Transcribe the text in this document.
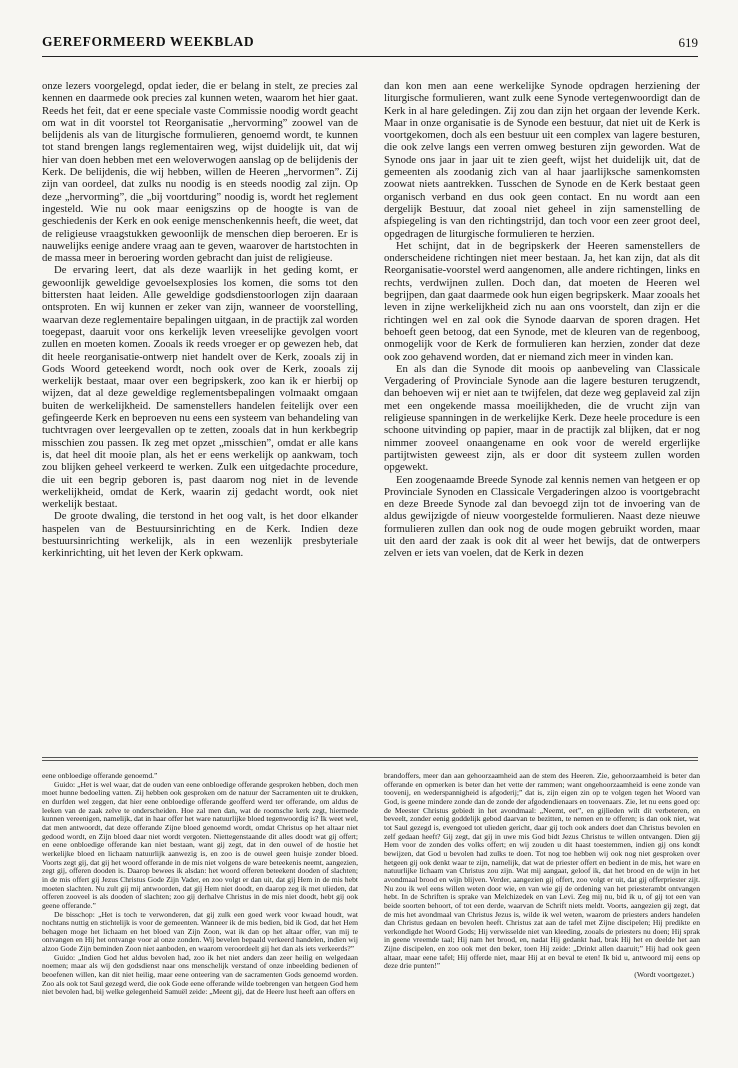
GEREFORMEERD WEEKBLAD	619

onze lezers voorgelegd, opdat ieder, die er belang in stelt, ze precies zal kennen en daarmede ook precies zal kunnen weten, waarom het hier gaat. Reeds het feit, dat er eene speciale vaste Commissie noodig wordt geacht om wat in dit voorstel tot Reorganisatie „hervorming” zoowel van de belijdenis als van de liturgische formulieren, genoemd wordt, te kunnen tot stand brengen langs reglementairen weg, wijst duidelijk uit, dat wij hier van doen hebben met een weloverwogen aanslag op de belijdenis der Kerk. De belijdenis, die wij hebben, willen de Heeren „hervormen”. Zij zijn van oordeel, dat zulks nu noodig is en steeds noodig zal zijn. Op deze „hervorming”, die „bij voortduring” noodig is, wordt het reglement ingesteld. Wie nu ook maar eenigszins op de hoogte is van de geschiedenis der Kerk en ook eenige menschenkennis heeft, die weet, dat de religieuse vraagstukken gewoonlijk de menschen diep beroeren. Er is nauwelijks eenige andere vraag aan te geven, waarover de hartstochten in de massa meer in beroering worden gebracht dan juist de religieuse.

De ervaring leert, dat als deze waarlijk in het geding komt, er gewoonlijk geweldige gevoelsexplosies los komen, die soms tot den bittersten haat leiden. Alle geweldige godsdienstoorlogen zijn daaraan ontsproten. En wij kunnen er zeker van zijn, wanneer de voorstelling, waarvan deze reglementaire bepalingen uitgaan, in de practijk zal worden toegepast, daaruit voor ons kerkelijk leven vreeselijke gevolgen voort zullen en moeten komen. Zooals ik reeds vroeger er op gewezen heb, dat dit heele reorganisatie-ontwerp niet handelt over de Kerk, zooals zij in Gods Woord geteekend wordt, noch ook over de Kerk, zooals zij werkelijk bestaat, maar over een begripskerk, zoo kan ik er hierbij op wijzen, dat al deze geweldige reglementsbepalingen volmaakt omgaan buiten de werkelijkheid. De samenstellers handelen feitelijk over een gefingeerde Kerk en beproeven nu eens een systeem van behandeling van tuchtvragen over leergevallen op te zetten, zooals dat in hun kerkbegrip misschien zou passen. Ik zeg met opzet „misschien”, omdat er alle kans is, dat heel dit mooie plan, als het er eens werkelijk op aankwam, toch zou blijken geheel verkeerd te werken. Zulk een uitgedachte procedure, die uit een begrip geboren is, past daarom nog niet in de levende werkelijkheid, omdat de Kerk, waarin zij gedacht wordt, ook niet werkelijk bestaat.

De groote dwaling, die terstond in het oog valt, is het door elkander haspelen van de Bestuursinrichting en de Kerk. Indien deze bestuursinrichting werkelijk, als in een wezenlijk presbyteriale kerkinrichting, uit het leven der Kerk opkwam.

dan kon men aan eene werkelijke Synode opdragen herziening der liturgische formulieren, want zulk eene Synode vertegenwoordigt dan de Kerk in al hare geledingen. Zij zou dan zijn het orgaan der levende Kerk. Maar in onze organisatie is de Synode een bestuur, dat niet uit de Kerk is voortgekomen, doch als een bestuur uit een complex van lagere besturen, die ook zelve langs een verren omweg besturen zijn geworden. Wat de Synode ons jaar in jaar uit te zien geeft, wijst het duidelijk uit, dat de gemeenten als zoodanig zich van al haar jaarlijksche samenkomsten zoowat niets aantrekken. Tusschen de Synode en de Kerk bestaat geen organisch verband en dus ook geen contact. En nu wordt aan een dergelijk Bestuur, dat zooal niet geheel in zijn samenstelling de afspiegeling is van den richtingstrijd, dan toch voor een zeer groot deel, opgedragen de liturgische formulieren te herzien.

Het schijnt, dat in de begripskerk der Heeren samenstellers de onderscheidene richtingen niet meer bestaan. Ja, het kan zijn, dat als dit Reorganisatie-voorstel werd aangenomen, alle andere richtingen, links en rechts, verdwijnen zullen. Doch dan, dat moeten de Heeren wel begrijpen, dan gaat daarmede ook hun eigen begripskerk. Maar zooals het leven in zijne werkelijkheid zich nu aan ons voorstelt, dan zijn er die richtingen wel en zal ook die Synode daarvan de sporen dragen. Het behoeft geen betoog, dat een Synode, met de kleuren van de regenboog, onmogelijk voor de Kerk de formulieren kan herzien, zonder dat deze ook zoo gehavend worden, dat er niemand zich meer in vinden kan.

En als dan die Synode dit moois op aanbeveling van Classicale Vergadering of Provinciale Synode aan die lagere besturen terugzendt, dan behoeven wij er niet aan te twijfelen, dat deze weg geplaveid zal zijn met een ongekende massa moeilijkheden, die de vrucht zijn van religieuse spanningen in de werkelijke Kerk. Deze heele procedure is een schoone uitvinding op papier, maar in de practijk zal blijken, dat er nog nimmer zooveel onaangename en ook voor de wereld ergerlijke partijtwisten geweest zijn, als er door dit systeem zullen worden opgewekt.

Een zoogenaamde Breede Synode zal kennis nemen van hetgeen er op Provinciale Synoden en Classicale Vergaderingen alzoo is voortgebracht en deze Breede Synode zal dan bevoegd zijn tot de invoering van de aldus gewijzigde of nieuw voorgestelde formulieren. Naast deze nieuwe formulieren zullen dan ook nog de oude mogen gebruikt worden, maar uit den aard der zaak is ook dit al weer het bewijs, dat de ontwerpers zelven er iets van voelen, dat de Kerk in dezen

eene onbloedige offerande genoemd.”

Guido: „Het is wel waar, dat de ouden van eene onbloedige offerande gesproken hebben, doch men moet hunne bedoeling vatten. Zij hebben ook gesproken om de natuur der Sacramenten uit te drukken, en durfden wel zeggen, dat hier eene onbloedige offerande geofferd werd ter offerande, om aldus de leeken van de zaak zelve te onderscheiden. Hoe zal men dan, wat de roomsche kerk zegt, hiermede kunnen vereenigen, namelijk, dat in haar offer het ware natuurlijke bloed tegenwoordig is? Ik weet wel, dat men antwoordt, dat deze offerande Zijne bloed genoemd wordt, omdat Christus op het altaar niet gedood wordt, en Zijn bloed daar niet wordt vergoten. Niettegenstaande dit alles doodt wat gij offert; en eene onbloedige offerande kan niet bestaan, want gij zegt, dat in den ouwel of de hostie het werkelijke bloed en lichaam natuurlijk aanwezig is, en zoo is de ouwel geen huisje zonder bloed. Voorts zegt gij, dat gij het woord offerande in de mis niet volgens de ware beteekenis neemt, aangezien, zegt gij, offeren dooden is. Daarop bewees ik alsdan: het woord offeren beteekent dooden of slachten; in de mis offert gij Jezus Christus Gode Zijn Vader, en zoo volgt er dan uit, dat gij Hem in de mis hebt moeten slachten. Nu zult gij mij antwoorden, dat gij Hem niet doodt, en daarop zeg ik met ulieden, dat offeren zooveel is als dooden of slachten; zoo gij derhalve Christus in de mis niet doodt, hebt gij ook geene offerande.”

De bisschop: „Het is toch te verwonderen, dat gij zulk een goed werk voor kwaad houdt, wat nochtans nuttig en stichtelijk is voor de gemeenten. Wanneer ik de mis bedien, bid ik God, dat het Hem behagen moge het lichaam en het bloed van Zijn Zoon, wat ik dan op het altaar offer, van mij te ontvangen en Hij het ontvange voor al onze zonden. Wij bevelen bepaald verkeerd handelen, indien wij alzoo Gode Zijn beminden Zoon niet aanboden, en waarom veroordeelt gij het dan als iets verkeerds?”

Guido: „Indien God het aldus bevolen had, zoo ik het niet anders dan zeer heilig en welgedaan noemen; maar als wij den godsdienst naar ons menschelijk verstand of onze inbeelding bedienen of beoefenen willen, kan dit niet heilig, maar eene onteering van de sacramenten Gods genoemd worden. Zoo als ook tot Saul gezegd werd, die ook Gode eene offerande wilde toebrengen van hetgeen God hem niet bevolen had, bij welke gelegenheid Samuël zeide: „Meent gij, dat de Heere lust heeft aan offers en

brandoffers, meer dan aan gehoorzaamheid aan de stem des Heeren. Zie, gehoorzaamheid is beter dan offerande en opmerken is beter dan het vette der rammen; want ongehoorzaamheid is eene zonde van toovenij, en wederspannigheid is afgoderij;” dat is, zijn eigen zin op te volgen tegen het Woord van God, is geene mindere zonde dan de zonde der afgodendienaars en toovenaars. Zie, let nu eens goed op: de Meester Christus gebiedt in het avondmaal: „Neemt, eet”, en gijlieden wilt dit verbeteren, en beveelt, zonder eenig goddelijk gebod daarvan te bezitten, te nemen en te offeren; is dan ook niet, wat tot Saul gezegd is, evengoed tot ulieden gericht, daar gij toch ook anders doet dan Christus bevolen en zelf gedaan heeft? Gij zegt, dat gij in uwe mis God bidt Jezus Christus te willen ontvangen. Dien gij Hem voor de zonden des volks offert; en wij zouden u dit haast toestemmen, indien gij ons kondt bewijzen, dat God u bevolen had zulks te doen. Tot nog toe hebben wij ook nog niet gesproken over hetgeen gij ook denkt waar te zijn, namelijk, dat wat de priester offert en bedient in de mis, het ware en natuurlijke lichaam van Christus zou zijn. Wat mij aangaat, geloof ik, dat het brood en de wijn in het avondmaal brood en wijn blijven. Verder, aangezien gij offert, zoo volgt er uit, dat gij offerpriester zijt. Nu zou ik wel eens willen weten door wie, en van wie gij de ordening van het priesterambt ontvangen hebt. In de Schriften is sprake van Melchizedek en van Levi. Zeg mij nu, bid ik u, of gij tot een van beide soorten behoort, of tot een derde, waarvan de Schrift niets meldt. Voorts, aangezien gij zegt, dat de mis het avondmaal van Christus Jezus is, wilde ik wel weten, waarom de priesters anders handelen dan Christus gedaan en bevolen heeft. Christus zat aan de tafel met Zijne discipelen; Hij predikte en verkondigde het Woord Gods; Hij verwisselde niet van kleeding, zooals de priesters nu doen; Hij sprak in geene vreemde taal; Hij nam het brood, en, nadat Hij gedankt had, brak Hij het en deelde het aan Zijne discipelen, en zoo ook met den beker, toen Hij zeide: „Drinkt allen daaruit;” Hij had ook geen altaar, maar eene tafel; Hij offerde niet, maar Hij at en beval te eten! Ik bid u, antwoord mij eens op deze drie punten!”

(Wordt voortgezet.)
